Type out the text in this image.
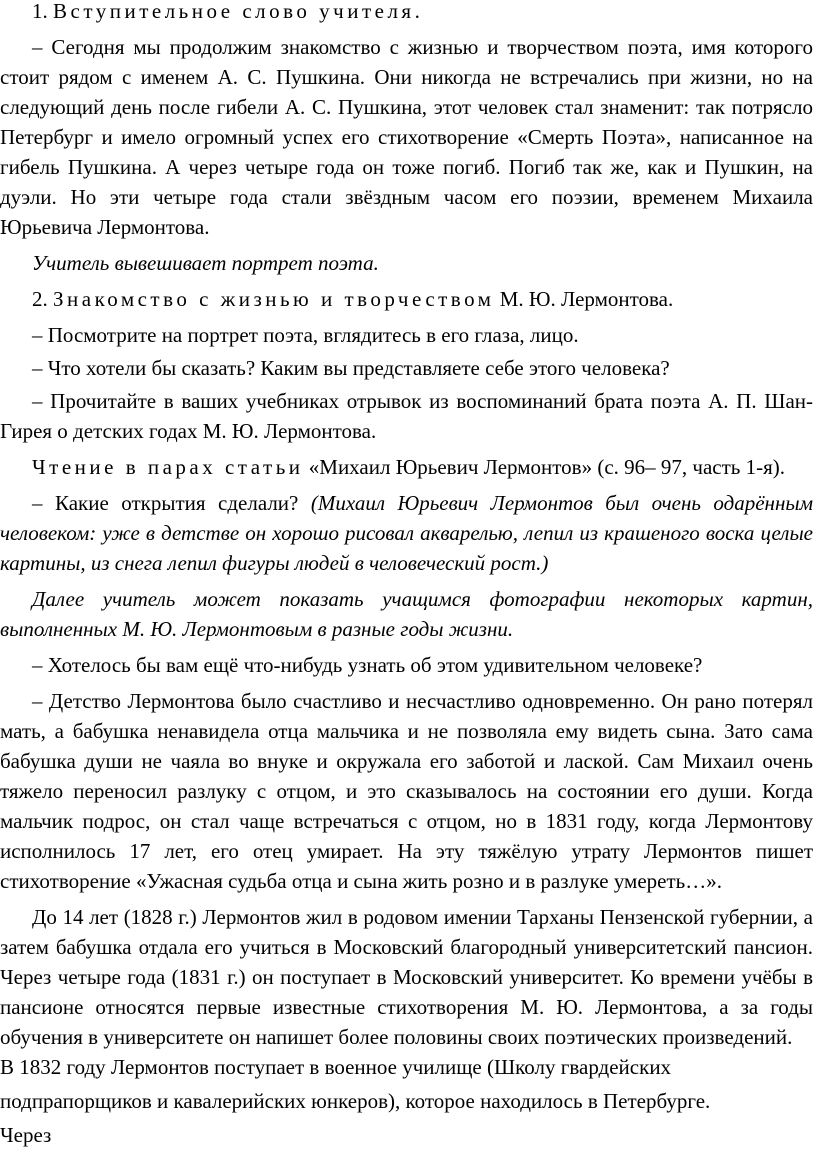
1. Вступительное слово учителя.

– Сегодня мы продолжим знакомство с жизнью и творчеством поэта, имя которого стоит рядом с именем А. С. Пушкина. Они никогда не встречались при жизни, но на следующий день после гибели А. С. Пушкина, этот человек стал знаменит: так потрясло Петербург и имело огромный успех его стихотворение «Смерть Поэта», написанное на гибель Пушкина. А через четыре года он тоже погиб. Погиб так же, как и Пушкин, на дуэли. Но эти четыре года стали звёздным часом его поэзии, временем Михаила Юрьевича Лермонтова.

Учитель вывешивает портрет поэта.

2. Знакомство с жизнью и творчеством М. Ю. Лермонтова.

– Посмотрите на портрет поэта, вглядитесь в его глаза, лицо.

– Что хотели бы сказать? Каким вы представляете себе этого человека?

– Прочитайте в ваших учебниках отрывок из воспоминаний брата поэта А. П. Шан-Гирея о детских годах М. Ю. Лермонтова.

Чтение в парах статьи «Михаил Юрьевич Лермонтов» (с. 96– 97, часть 1-я).

– Какие открытия сделали? (Михаил Юрьевич Лермонтов был очень одарённым человеком: уже в детстве он хорошо рисовал акварелью, лепил из крашеного воска целые картины, из снега лепил фигуры людей в человеческий рост.)

Далее учитель может показать учащимся фотографии некоторых картин, выполненных М. Ю. Лермонтовым в разные годы жизни.

– Хотелось бы вам ещё что-нибудь узнать об этом удивительном человеке?

– Детство Лермонтова было счастливо и несчастливо одновременно. Он рано потерял мать, а бабушка ненавидела отца мальчика и не позволяла ему видеть сына. Зато сама бабушка души не чаяла во внуке и окружала его заботой и лаской. Сам Михаил очень тяжело переносил разлуку с отцом, и это сказывалось на состоянии его души. Когда мальчик подрос, он стал чаще встречаться с отцом, но в 1831 году, когда Лермонтову исполнилось 17 лет, его отец умирает. На эту тяжёлую утрату Лермонтов пишет стихотворение «Ужасная судьба отца и сына жить розно и в разлуке умереть…».

До 14 лет (1828 г.) Лермонтов жил в родовом имении Тарханы Пензенской губернии, а затем бабушка отдала его учиться в Московский благородный университетский пансион. Через четыре года (1831 г.) он поступает в Московский университет. Ко времени учёбы в пансионе относятся первые известные стихотворения М. Ю. Лермонтова, а за годы обучения в университете он напишет более половины своих поэтических произведений.

В 1832 году Лермонтов поступает в военное училище (Школу гвардейских

подпрапорщиков и кавалерийских юнкеров), которое находилось в Петербурге.

Через
